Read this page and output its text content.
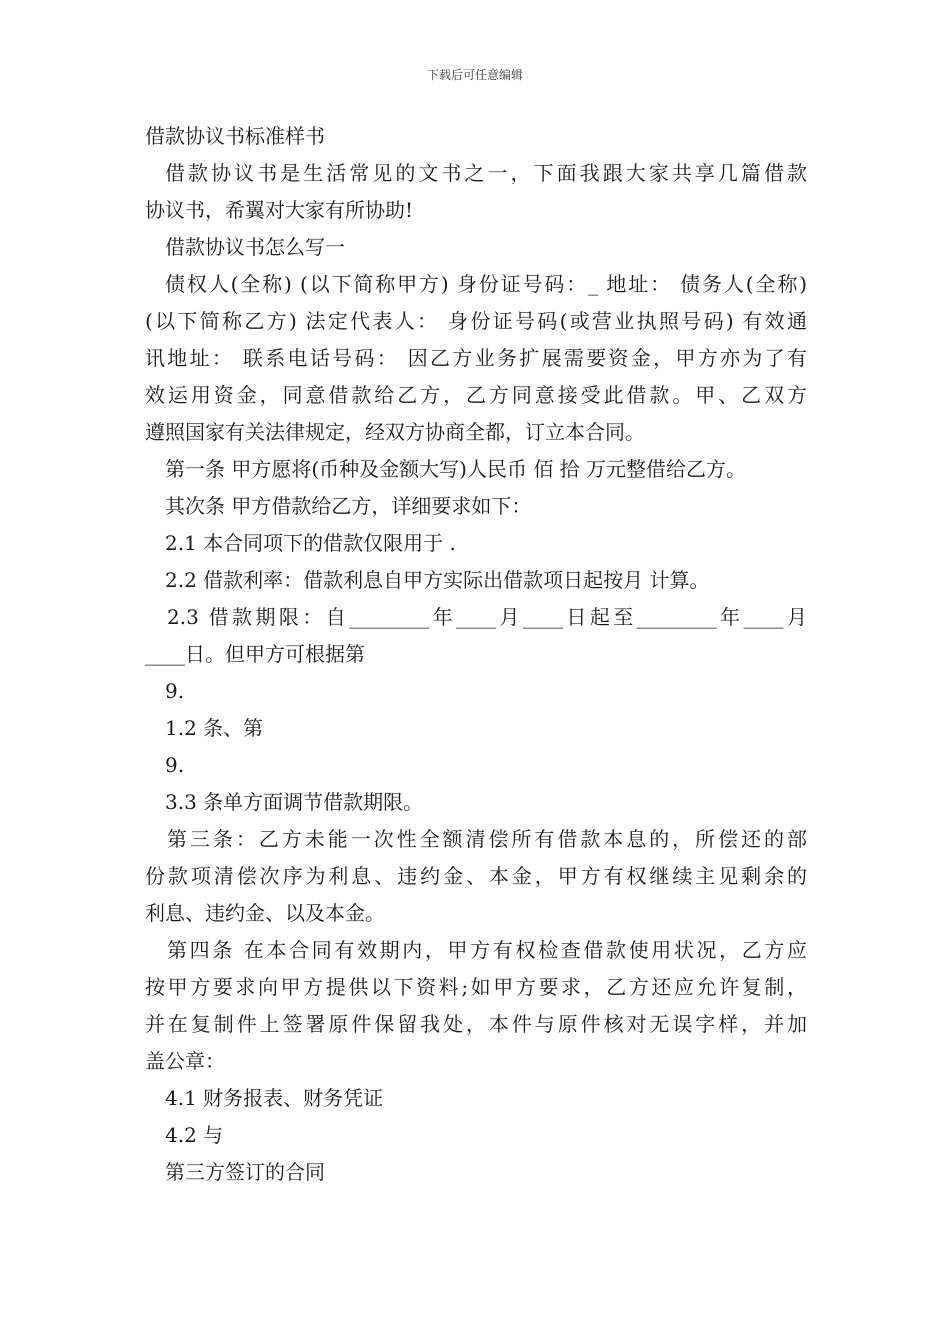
下载后可任意编辑
借款协议书标准样书
借款协议书是生活常见的文书之一，下面我跟大家共享几篇借款
协议书，希翼对大家有所协助!
借款协议书怎么写一
债权人(全称) (以下简称甲方) 身份证号码：_ 地址： 债务人(全称)
(以下简称乙方) 法定代表人： 身份证号码(或营业执照号码) 有效通
讯地址： 联系电话号码： 因乙方业务扩展需要资金，甲方亦为了有
效运用资金，同意借款给乙方，乙方同意接受此借款。甲、乙双方
遵照国家有关法律规定，经双方协商全都，订立本合同。
第一条 甲方愿将(币种及金额大写)人民币 佰 拾 万元整借给乙方。
其次条 甲方借款给乙方，详细要求如下：
2.1 本合同项下的借款仅限用于 .
2.2 借款利率：借款利息自甲方实际出借款项日起按月 计算。
2.3 借款期限：自________年____月____日起至________年____月
____日。但甲方可根据第
9.
1.2 条、第
9.
3.3 条单方面调节借款期限。
第三条：乙方未能一次性全额清偿所有借款本息的，所偿还的部
份款项清偿次序为利息、违约金、本金，甲方有权继续主见剩余的
利息、违约金、以及本金。
第四条 在本合同有效期内，甲方有权检查借款使用状况，乙方应
按甲方要求向甲方提供以下资料;如甲方要求，乙方还应允许复制，
并在复制件上签署原件保留我处，本件与原件核对无误字样，并加
盖公章：
4.1 财务报表、财务凭证
4.2 与
第三方签订的合同
